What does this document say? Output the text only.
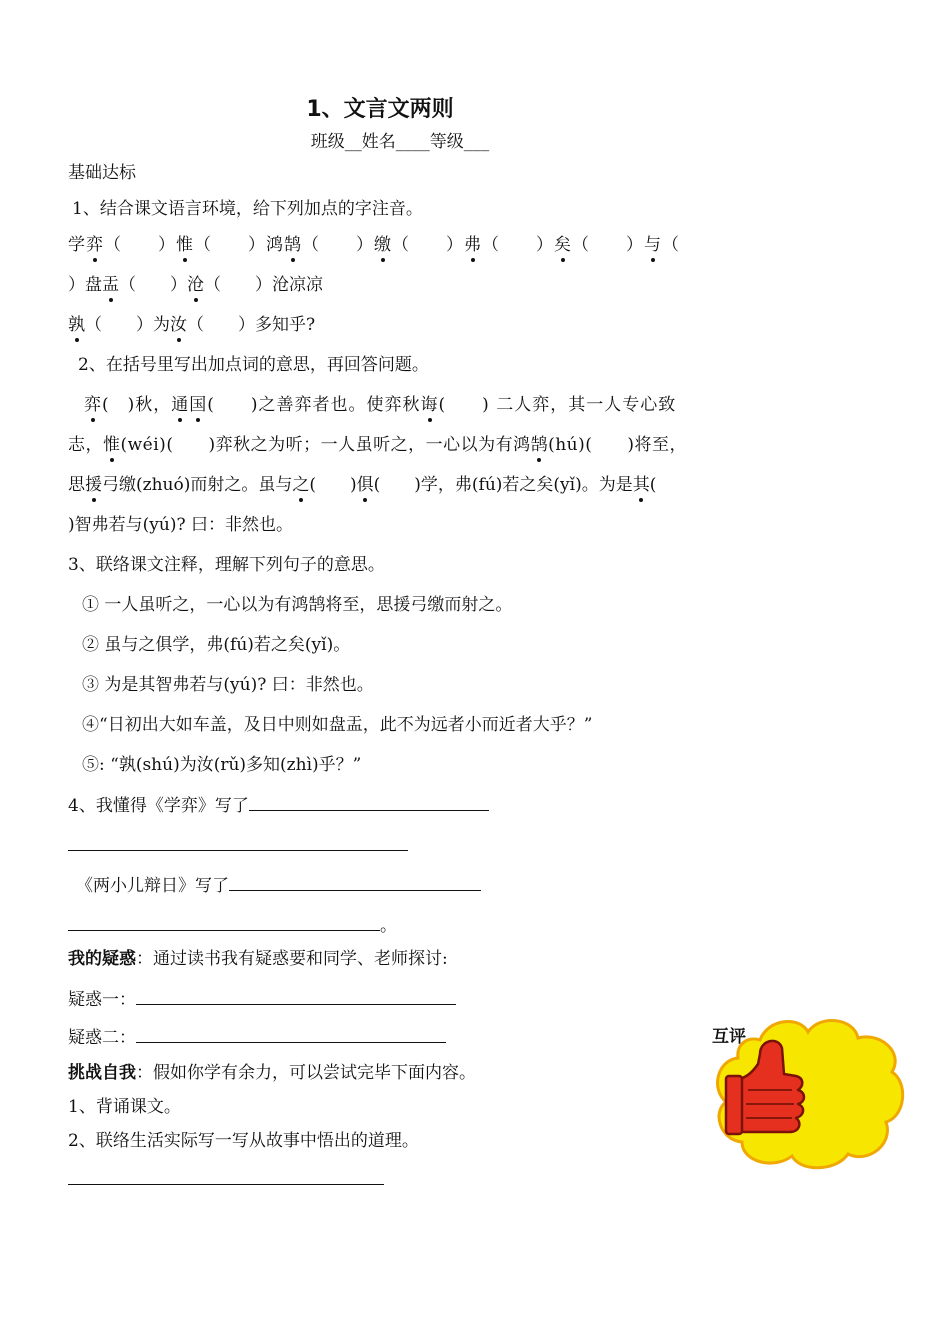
1、文言文两则
班级__姓名____等级___
基础达标
1、结合课文语言环境，给下列加点的字注音。
学弈（　　）惟（　　）鸿鹄（　　）缴（　　）弗（　　）矣（　　）与（
）盘盂（　　）沧（　　）沧凉凉
孰（　　）为汝（　　）多知乎?
2、在括号里写出加点词的意思，再回答问题。
弈(　)秋，通国(　　)之善弈者也。使弈秋诲(　　) 二人弈，其一人专心致
志，惟(wéi)(　　)弈秋之为听；一人虽听之，一心以为有鸿鹄(hú)(　　)将至，
思援弓缴(zhuó)而射之。虽与之(　　)俱(　　)学，弗(fú)若之矣(yǐ)。为是其(
)智弗若与(yú)? 曰：非然也。
3、联络课文注释，理解下列句子的意思。
① 一人虽听之，一心以为有鸿鹄将至，思援弓缴而射之。
② 虽与之俱学，弗(fú)若之矣(yǐ)。
③ 为是其智弗若与(yú)? 曰：非然也。
④“日初出大如车盖，及日中则如盘盂，此不为远者小而近者大乎？”
⑤: “孰(shú)为汝(rǔ)多知(zhì)乎？”
4、我懂得《学弈》写了
《两小儿辩日》写了
。
我的疑惑：通过读书我有疑惑要和同学、老师探讨:
疑惑一：
疑惑二：
挑战自我：假如你学有余力，可以尝试完毕下面内容。
1、背诵课文。
2、联络生活实际写一写从故事中悟出的道理。
互评
